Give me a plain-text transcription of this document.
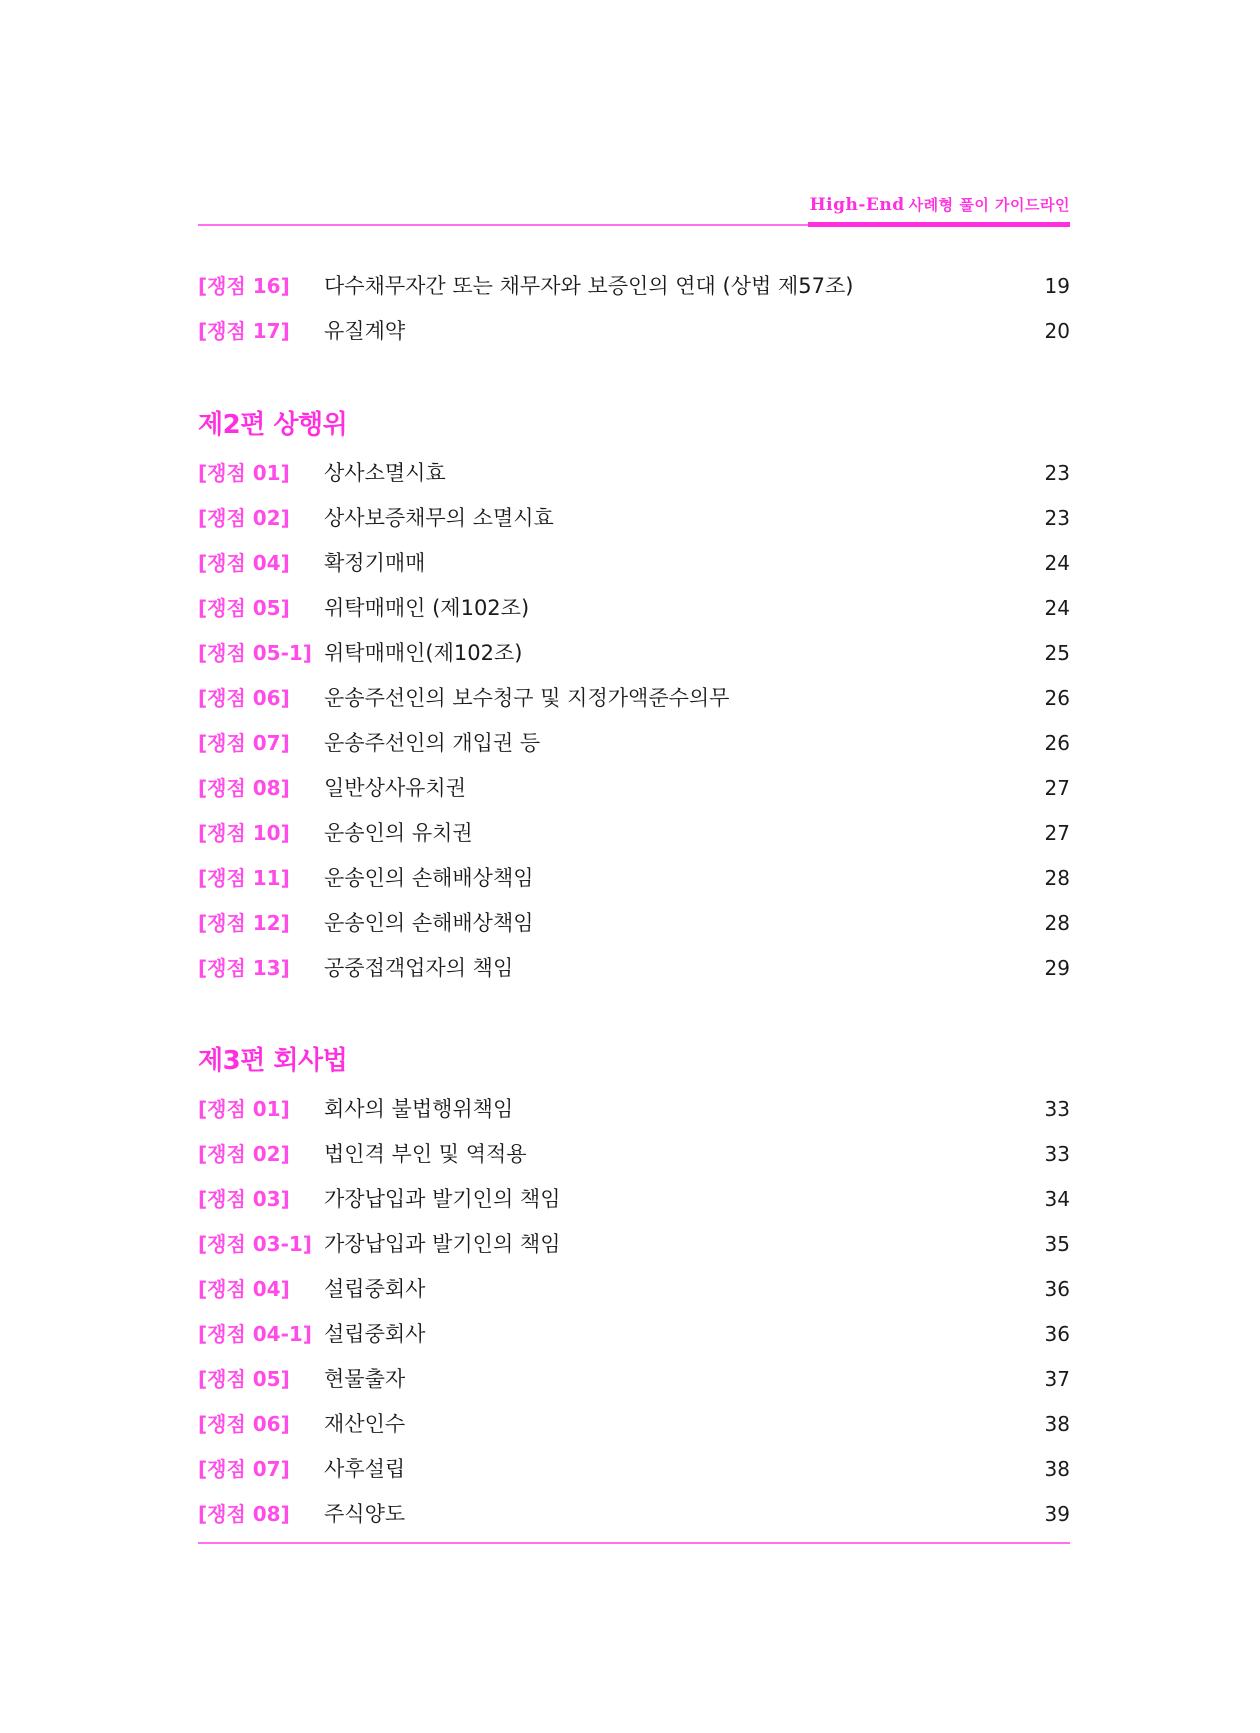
High-End 사례형 풀이 가이드라인
[쟁점 16] 다수채무자간 또는 채무자와 보증인의 연대 (상법 제57조)	19
[쟁점 17] 유질계약	20
제2편 상행위
[쟁점 01] 상사소멸시효	23
[쟁점 02] 상사보증채무의 소멸시효	23
[쟁점 04] 확정기매매	24
[쟁점 05] 위탁매매인 (제102조)	24
[쟁점 05-1] 위탁매매인(제102조)	25
[쟁점 06] 운송주선인의 보수청구 및 지정가액준수의무	26
[쟁점 07] 운송주선인의 개입권 등	26
[쟁점 08] 일반상사유치권	27
[쟁점 10] 운송인의 유치권	27
[쟁점 11] 운송인의 손해배상책임	28
[쟁점 12] 운송인의 손해배상책임	28
[쟁점 13] 공중접객업자의 책임	29
제3편 회사법
[쟁점 01] 회사의 불법행위책임	33
[쟁점 02] 법인격 부인 및 역적용	33
[쟁점 03] 가장납입과 발기인의 책임	34
[쟁점 03-1] 가장납입과 발기인의 책임	35
[쟁점 04] 설립중회사	36
[쟁점 04-1] 설립중회사	36
[쟁점 05] 현물출자	37
[쟁점 06] 재산인수	38
[쟁점 07] 사후설립	38
[쟁점 08] 주식양도	39
